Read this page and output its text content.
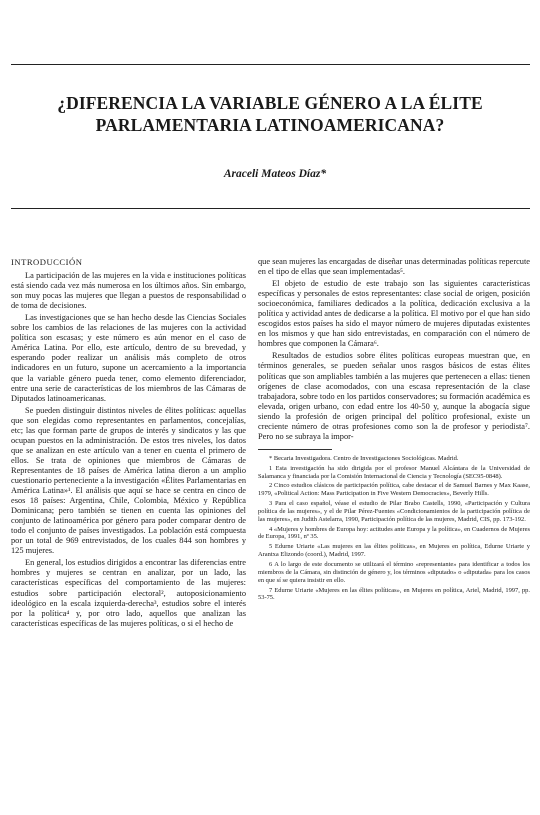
¿DIFERENCIA LA VARIABLE GÉNERO A LA ÉLITE PARLAMENTARIA LATINOAMERICANA?
Araceli Mateos Díaz*
INTRODUCCIÓN

La participación de las mujeres en la vida e instituciones políticas está siendo cada vez más numerosa en los últimos años. Sin embargo, son muy pocas las mujeres que llegan a puestos de responsabilidad o de toma de decisiones.

Las investigaciones que se han hecho desde las Ciencias Sociales sobre los cambios de las relaciones de las mujeres con la actividad política son escasas; y este número es aún menor en el caso de América Latina. Por ello, este artículo, dentro de su brevedad, y esperando poder realizar un análisis más completo de otros indicadores en un futuro, supone un acercamiento a la importancia que la variable género pueda tener, como elemento diferenciador, entre una serie de características de los miembros de las Cámaras de Diputados latinoamericanas.

Se pueden distinguir distintos niveles de élites políticas: aquellas que son elegidas como representantes en parlamentos, concejalías, etc; las que forman parte de grupos de interés y sindicatos y las que ocupan puestos en la administración. De estos tres niveles, los datos que se analizan en este artículo van a tener en cuenta el primero de ellos. Se trata de opiniones que miembros de Cámaras de Representantes de 18 países de América latina dieron a un amplio cuestionario perteneciente a la investigación «Élites Parlamentarias en América Latina»¹. El análisis que aquí se hace se centra en cinco de esos 18 países: Argentina, Chile, Colombia, México y República Dominicana; pero también se tienen en cuenta las opiniones del conjunto de latinoamérica por género para poder comparar dentro de todo el conjunto de países investigados. La población está compuesta por un total de 969 entrevistados, de los cuales 844 son hombres y 125 mujeres.

En general, los estudios dirigidos a encontrar las diferencias entre hombres y mujeres se centran en analizar, por un lado, las características específicas del comportamiento de las mujeres: estudios sobre participación electoral², autoposicionamiento ideológico en la escala izquierda-derecha³, estudios sobre el interés por la política⁴ y, por otro lado, aquellos que analizan las características específicas de las mujeres políticas, o si el hecho de

que sean mujeres las encargadas de diseñar unas determinadas políticas repercute en el tipo de ellas que sean implementadas⁵.

El objeto de estudio de este trabajo son las siguientes características específicas y personales de estos representantes: clase social de origen, posición socioeconómica, familiares dedicados a la política, dedicación exclusiva a la política y actividad antes de dedicarse a la política. El motivo por el que han sido escogidos estos países ha sido el mayor número de mujeres diputadas existentes en los mismos y que han sido entrevistadas, en comparación con el número de hombres que componen la Cámara⁶.

Resultados de estudios sobre élites políticas europeas muestran que, en términos generales, se pueden señalar unos rasgos básicos de estas élites políticas que son ampliables también a las mujeres que pertenecen a ellas: tienen orígenes de clase acomodados, con una escasa representación de la clase trabajadora, sobre todo en los partidos conservadores; su formación académica es elevada, origen urbano, con edad entre los 40-50 y, aunque la abogacía sigue siendo la profesión de origen principal del político profesional, existe un creciente número de otras profesiones como son la de profesor y periodista⁷. Pero no se subraya la impor-

* Becaria Investigadora. Centro de Investigaciones Sociológicas. Madrid.

1 Esta investigación ha sido dirigida por el profesor Manuel Alcántara de la Universidad de Salamanca y financiada por la Comisión Internacional de Ciencia y Tecnología (SEC95-0848).

2 Cinco estudios clásicos de participación política, cabe destacar el de Samuel Barnes y Max Kaase, 1979, «Political Action: Mass Participation in Five Western Democracies», Beverly Hills.

3 Para el caso español, véase el estudio de Pilar Brabo Castells, 1990, «Participación y Cultura política de las mujeres», y el de Pilar Pérez-Fuentes «Condicionamientos de la participación política de las mujeres», en Judith Astelarra, 1990, Participación política de las mujeres, Madrid, CIS, pp. 173-192.

4 «Mujeres y hombres de Europa hoy: actitudes ante Europa y la política», en Cuadernos de Mujeres de Europa, 1991, nº 35.

5 Edurne Uriarte «Las mujeres en las élites políticas», en Mujeres en política, Edurne Uriarte y Arantxa Elizondo (coord.), Madrid, 1997.

6 A lo largo de este documento se utilizará el término «representante» para identificar a todos los miembros de la Cámara, sin distinción de género y, los términos «diputado» o «diputada» para los casos en que sí se quiera insistir en ello.

7 Edurne Uriarte «Mujeres en las élites políticas», en Mujeres en política, Ariel, Madrid, 1997, pp. 53-75.
